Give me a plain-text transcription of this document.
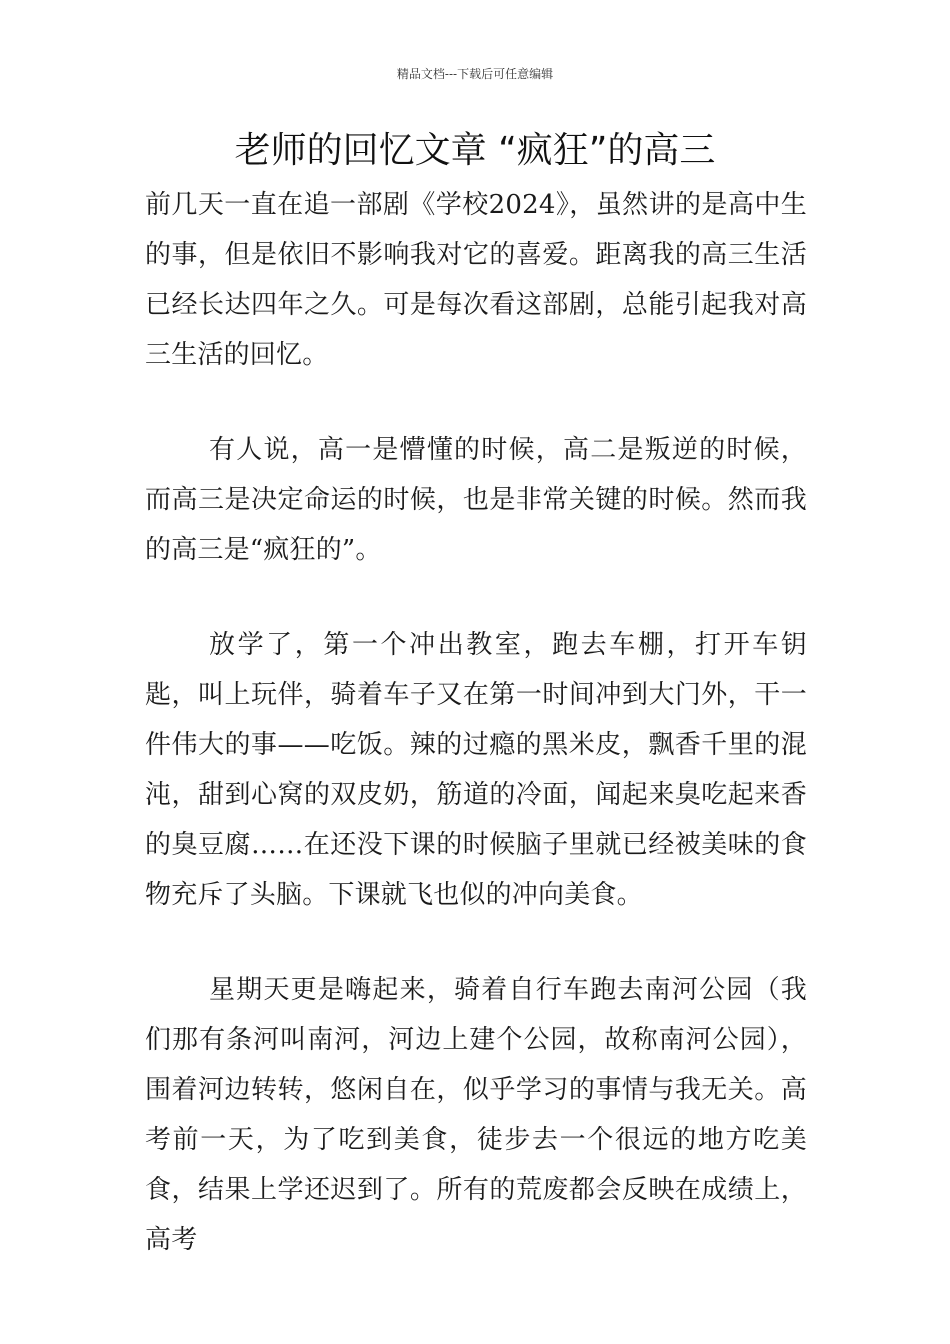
精品文档---下载后可任意编辑
老师的回忆文章 “疯狂”的高三

前几天一直在追一部剧《学校2024》，虽然讲的是高中生的事，但是依旧不影响我对它的喜爱。距离我的高三生活已经长达四年之久。可是每次看这部剧，总能引起我对高三生活的回忆。

有人说，高一是懵懂的时候，高二是叛逆的时候，而高三是决定命运的时候，也是非常关键的时候。然而我的高三是“疯狂的”。

放学了，第一个冲出教室，跑去车棚，打开车钥匙，叫上玩伴，骑着车子又在第一时间冲到大门外，干一件伟大的事——吃饭。辣的过瘾的黑米皮，飘香千里的混沌，甜到心窝的双皮奶，筋道的冷面，闻起来臭吃起来香的臭豆腐……在还没下课的时候脑子里就已经被美味的食物充斥了头脑。下课就飞也似的冲向美食。

星期天更是嗨起来，骑着自行车跑去南河公园（我们那有条河叫南河，河边上建个公园，故称南河公园），围着河边转转，悠闲自在，似乎学习的事情与我无关。高考前一天，为了吃到美食，徒步去一个很远的地方吃美食，结果上学还迟到了。所有的荒废都会反映在成绩上，高考
